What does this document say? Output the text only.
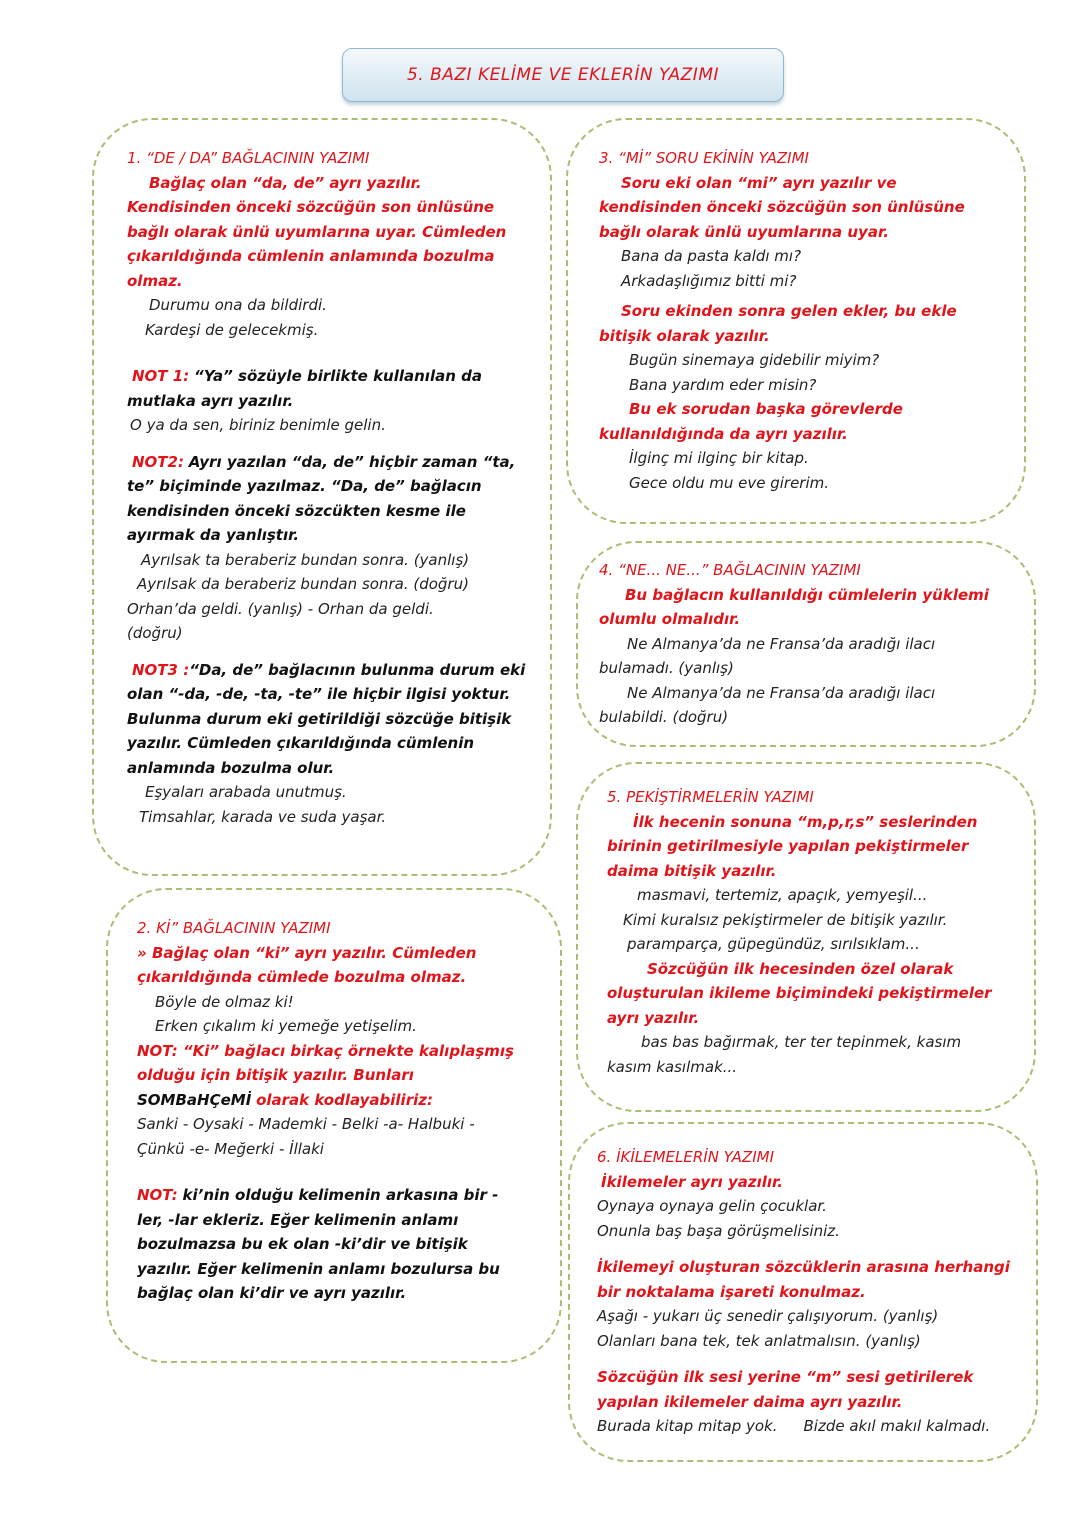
5. BAZI KELİME VE EKLERİN YAZIMI
1. “DE / DA” BAĞLACININ YAZIMI
Bağlaç olan “da, de” ayrı yazılır.
Kendisinden önceki sözcüğün son ünlüsüne
bağlı olarak ünlü uyumlarına uyar. Cümleden
çıkarıldığında cümlenin anlamında bozulma
olmaz.
Durumu ona da bildirdi.
Kardeşi de gelecekmiş.
NOT 1: “Ya” sözüyle birlikte kullanılan da
mutlaka ayrı yazılır.
O ya da sen, biriniz benimle gelin.
NOT2: Ayrı yazılan “da, de” hiçbir zaman “ta,
te” biçiminde yazılmaz. “Da, de” bağlacın
kendisinden önceki sözcükten kesme ile
ayırmak da yanlıştır.
Ayrılsak ta beraberiz bundan sonra. (yanlış)
Ayrılsak da beraberiz bundan sonra. (doğru)
Orhan’da geldi. (yanlış) - Orhan da geldi.
(doğru)
NOT3 :“Da, de” bağlacının bulunma durum eki
olan “-da, -de, -ta, -te” ile hiçbir ilgisi yoktur.
Bulunma durum eki getirildiği sözcüğe bitişik
yazılır. Cümleden çıkarıldığında cümlenin
anlamında bozulma olur.
Eşyaları arabada unutmuş.
Timsahlar, karada ve suda yaşar.
2. Kİ” BAĞLACININ YAZIMI
» Bağlaç olan “ki” ayrı yazılır. Cümleden
çıkarıldığında cümlede bozulma olmaz.
Böyle de olmaz ki!
Erken çıkalım ki yemeğe yetişelim.
NOT: “Ki” bağlacı birkaç örnekte kalıplaşmış
olduğu için bitişik yazılır. Bunları
SOMBaHÇeMİ olarak kodlayabiliriz:
Sanki - Oysaki - Mademki - Belki -a- Halbuki -
Çünkü -e- Meğerki - İllaki
NOT: ki’nin olduğu kelimenin arkasına bir -
ler, -lar ekleriz. Eğer kelimenin anlamı
bozulmazsa bu ek olan -ki’dir ve bitişik
yazılır. Eğer kelimenin anlamı bozulursa bu
bağlaç olan ki’dir ve ayrı yazılır.
3. “Mİ” SORU EKİNİN YAZIMI
Soru eki olan “mi” ayrı yazılır ve
kendisinden önceki sözcüğün son ünlüsüne
bağlı olarak ünlü uyumlarına uyar.
Bana da pasta kaldı mı?
Arkadaşlığımız bitti mi?
Soru ekinden sonra gelen ekler, bu ekle
bitişik olarak yazılır.
Bugün sinemaya gidebilir miyim?
Bana yardım eder misin?
Bu ek sorudan başka görevlerde
kullanıldığında da ayrı yazılır.
İlginç mi ilginç bir kitap.
Gece oldu mu eve girerim.
4. “NE... NE...” BAĞLACININ YAZIMI
Bu bağlacın kullanıldığı cümlelerin yüklemi
olumlu olmalıdır.
Ne Almanya’da ne Fransa’da aradığı ilacı
bulamadı. (yanlış)
Ne Almanya’da ne Fransa’da aradığı ilacı
bulabildi. (doğru)
5. PEKİŞTİRMELERİN YAZIMI
İlk hecenin sonuna “m,p,r,s” seslerinden
birinin getirilmesiyle yapılan pekiştirmeler
daima bitişik yazılır.
masmavi, tertemiz, apaçık, yemyeşil...
Kimi kuralsız pekiştirmeler de bitişik yazılır.
paramparça, güpegündüz, sırılsıklam...
Sözcüğün ilk hecesinden özel olarak
oluşturulan ikileme biçimindeki pekiştirmeler
ayrı yazılır.
bas bas bağırmak, ter ter tepinmek, kasım
kasım kasılmak...
6. İKİLEMELERİN YAZIMI
İkilemeler ayrı yazılır.
Oynaya oynaya gelin çocuklar.
Onunla baş başa görüşmelisiniz.
İkilemeyi oluşturan sözcüklerin arasına herhangi
bir noktalama işareti konulmaz.
Aşağı - yukarı üç senedir çalışıyorum. (yanlış)
Olanları bana tek, tek anlatmalısın. (yanlış)
Sözcüğün ilk sesi yerine “m” sesi getirilerek
yapılan ikilemeler daima ayrı yazılır.
Burada kitap mitap yok. Bizde akıl makıl kalmadı.
